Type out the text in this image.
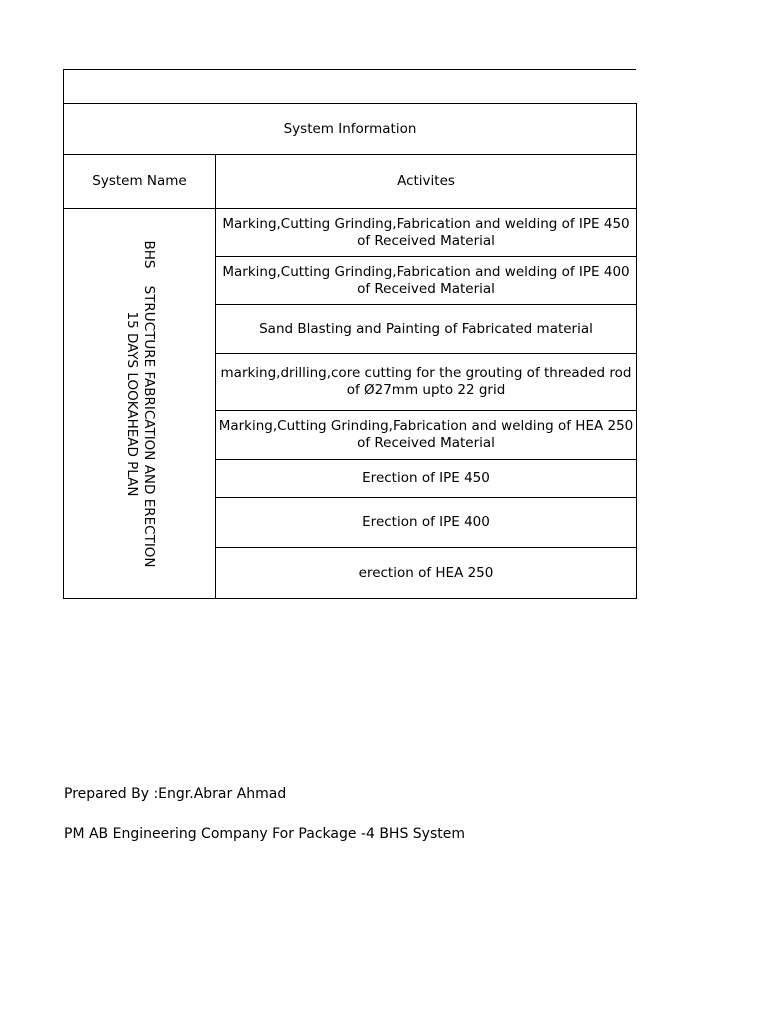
System Information	
System Name	Activites

BHS    STRUCTURE FABRICATION AND ERECTION
15 DAYS LOOKAHEAD PLAN	Marking,Cutting Grinding,Fabrication and welding of IPE 450 of Received Material
	Marking,Cutting Grinding,Fabrication and welding of IPE 400 of Received Material
	Sand Blasting and Painting of Fabricated material
	marking,drilling,core cutting for the grouting of threaded rod of Ø27mm upto 22 grid
	Marking,Cutting Grinding,Fabrication and welding of HEA 250 of Received Material
	Erection of IPE 450
	Erection of IPE 400
	erection of HEA 250
Prepared By :Engr.Abrar Ahmad
PM AB Engineering Company For Package -4 BHS System
